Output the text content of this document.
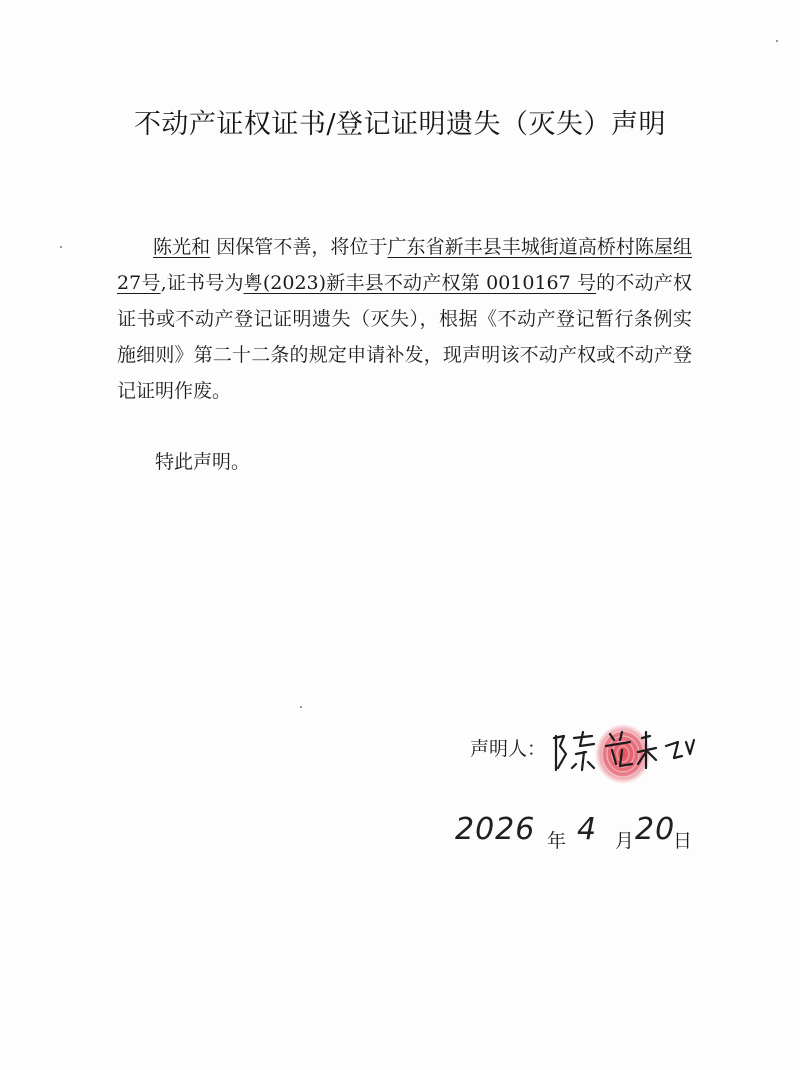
不动产证权证书/登记证明遗失（灭失）声明

陈光和 因保管不善，将位于广东省新丰县丰城街道高桥村陈屋组27号,证书号为粤(2023)新丰县不动产权第 0010167 号的不动产权证书或不动产登记证明遗失（灭失），根据《不动产登记暂行条例实施细则》第二十二条的规定申请补发，现声明该不动产权或不动产登记证明作废。

特此声明。
声明人：
2026 年 4 月 20
日
